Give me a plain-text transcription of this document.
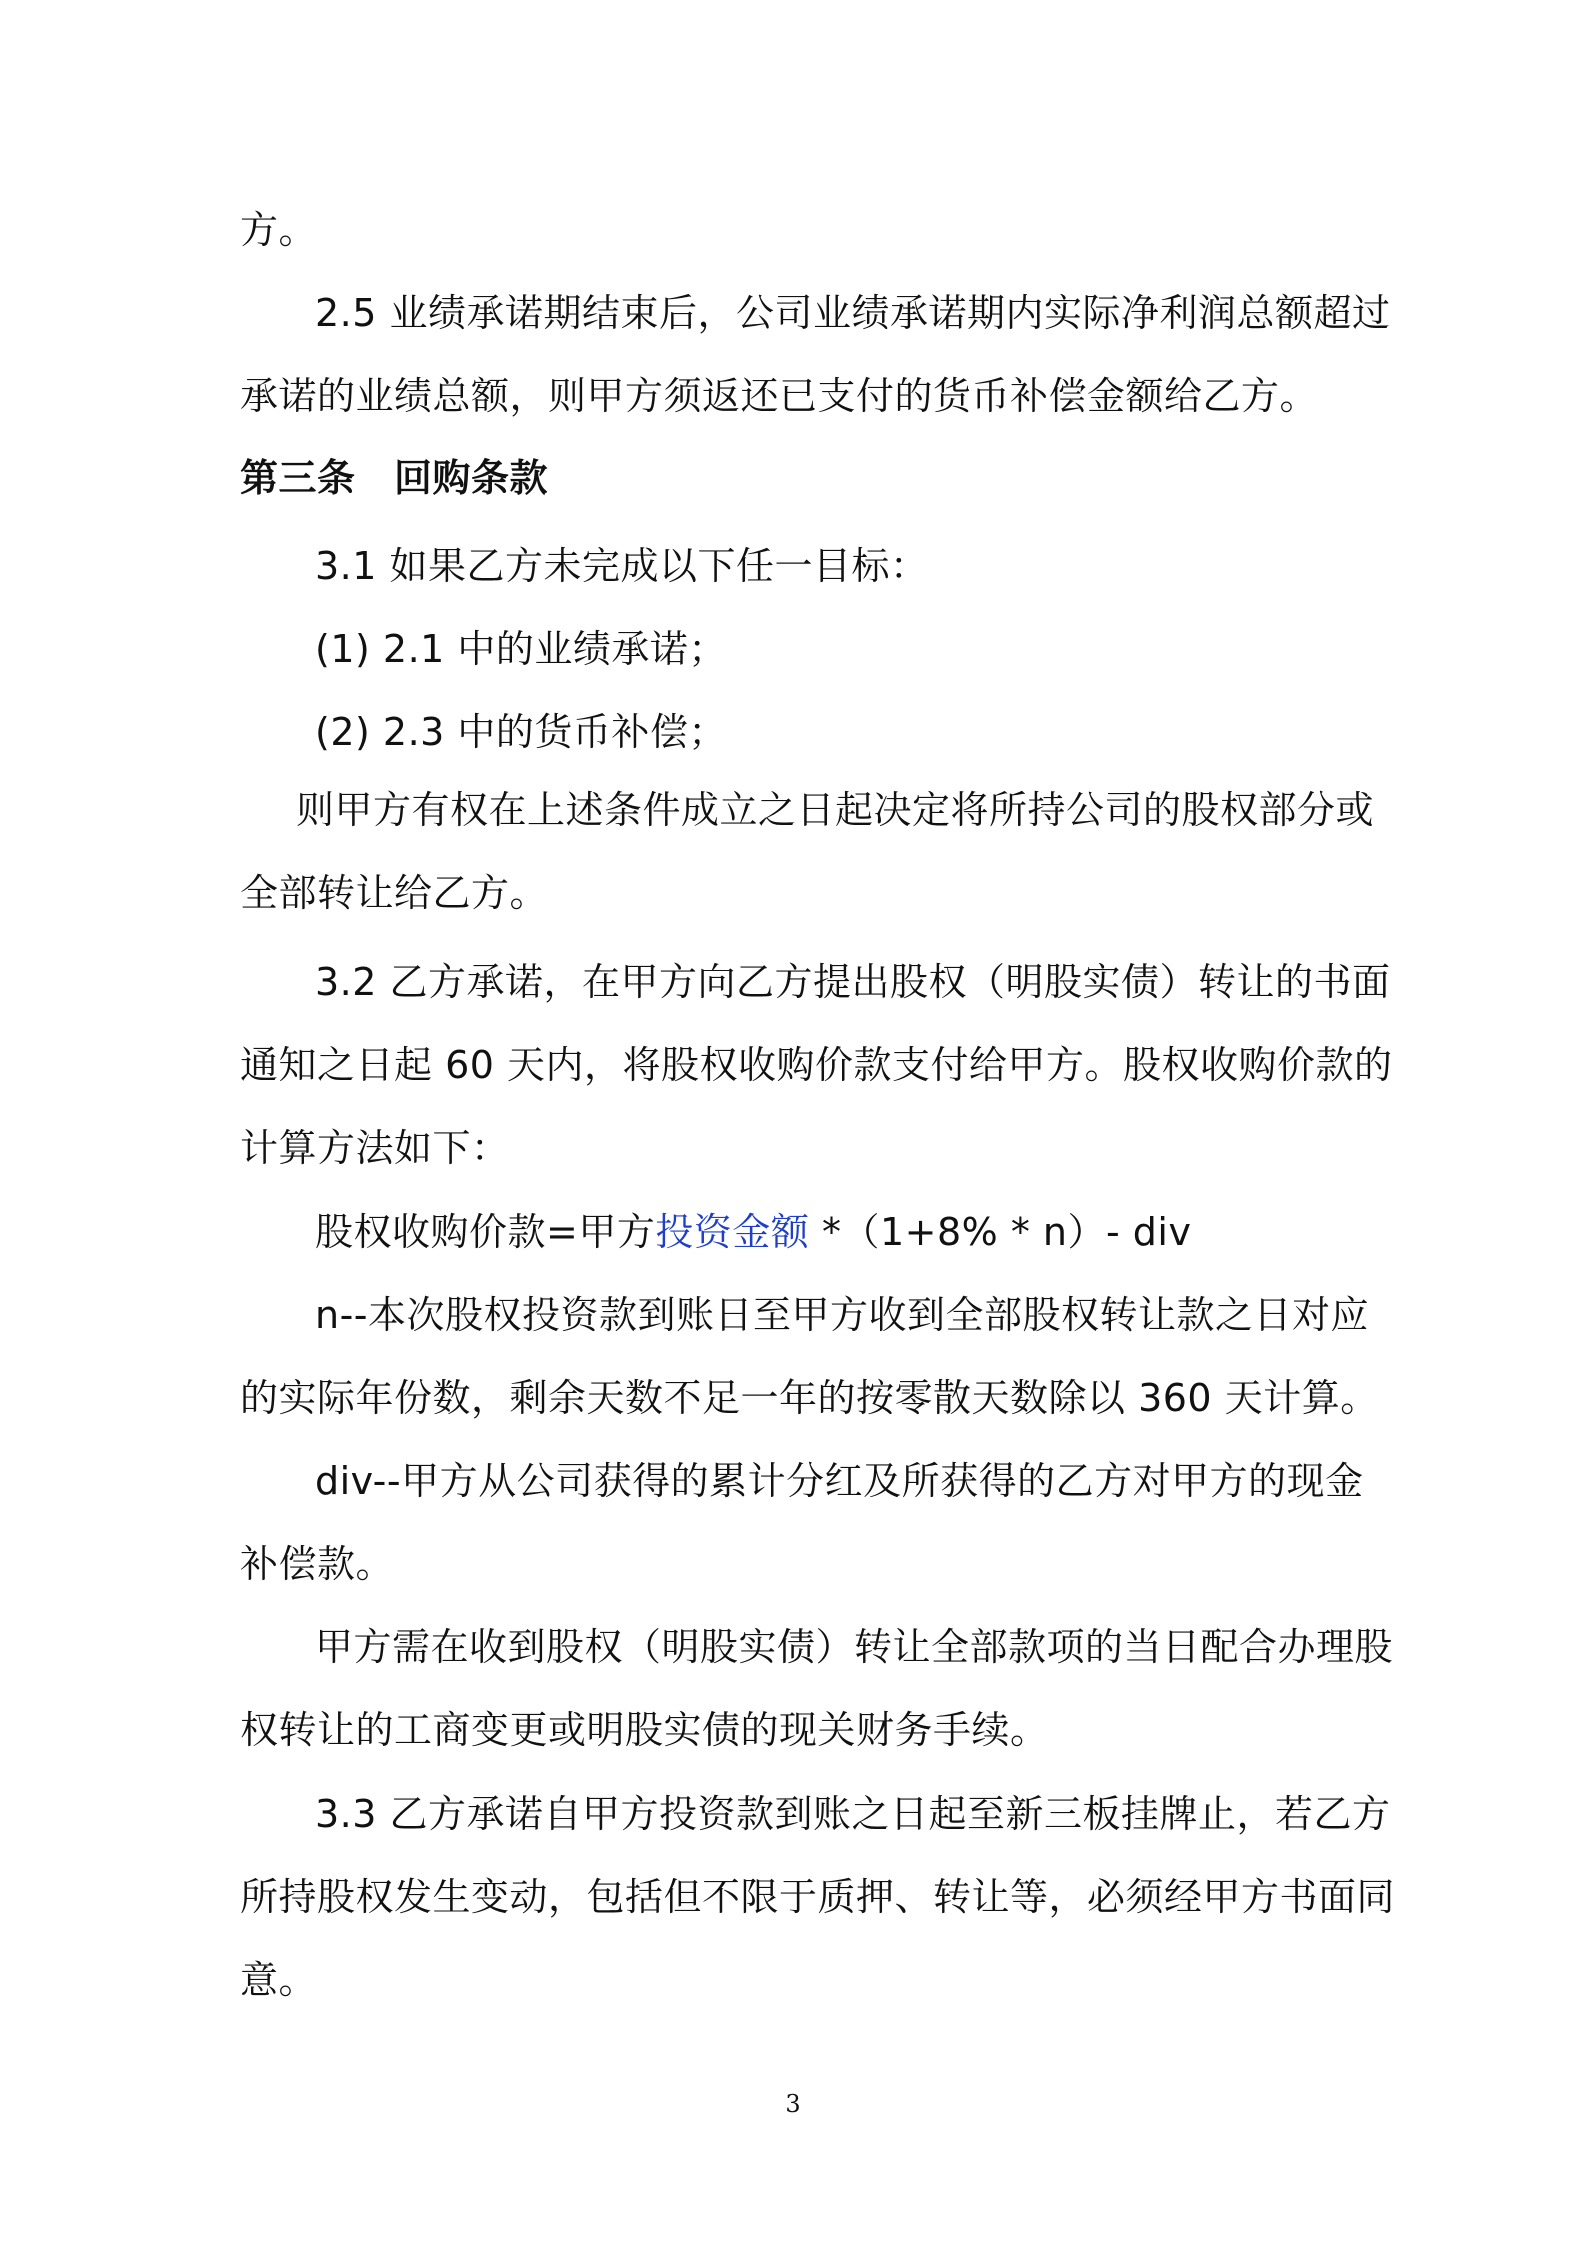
方。
2.5 业绩承诺期结束后，公司业绩承诺期内实际净利润总额超过
承诺的业绩总额，则甲方须返还已支付的货币补偿金额给乙方。
第三条　回购条款
3.1 如果乙方未完成以下任一目标：
(1) 2.1 中的业绩承诺；
(2) 2.3 中的货币补偿；
则甲方有权在上述条件成立之日起决定将所持公司的股权部分或
全部转让给乙方。
3.2 乙方承诺，在甲方向乙方提出股权（明股实债）转让的书面
通知之日起 60 天内，将股权收购价款支付给甲方。股权收购价款的
计算方法如下：
股权收购价款=甲方投资金额 *（1+8% * n）- div
n--本次股权投资款到账日至甲方收到全部股权转让款之日对应
的实际年份数，剩余天数不足一年的按零散天数除以 360 天计算。
div--甲方从公司获得的累计分红及所获得的乙方对甲方的现金
补偿款。
甲方需在收到股权（明股实债）转让全部款项的当日配合办理股
权转让的工商变更或明股实债的现关财务手续。
3.3 乙方承诺自甲方投资款到账之日起至新三板挂牌止，若乙方
所持股权发生变动，包括但不限于质押、转让等，必须经甲方书面同
意。
3
